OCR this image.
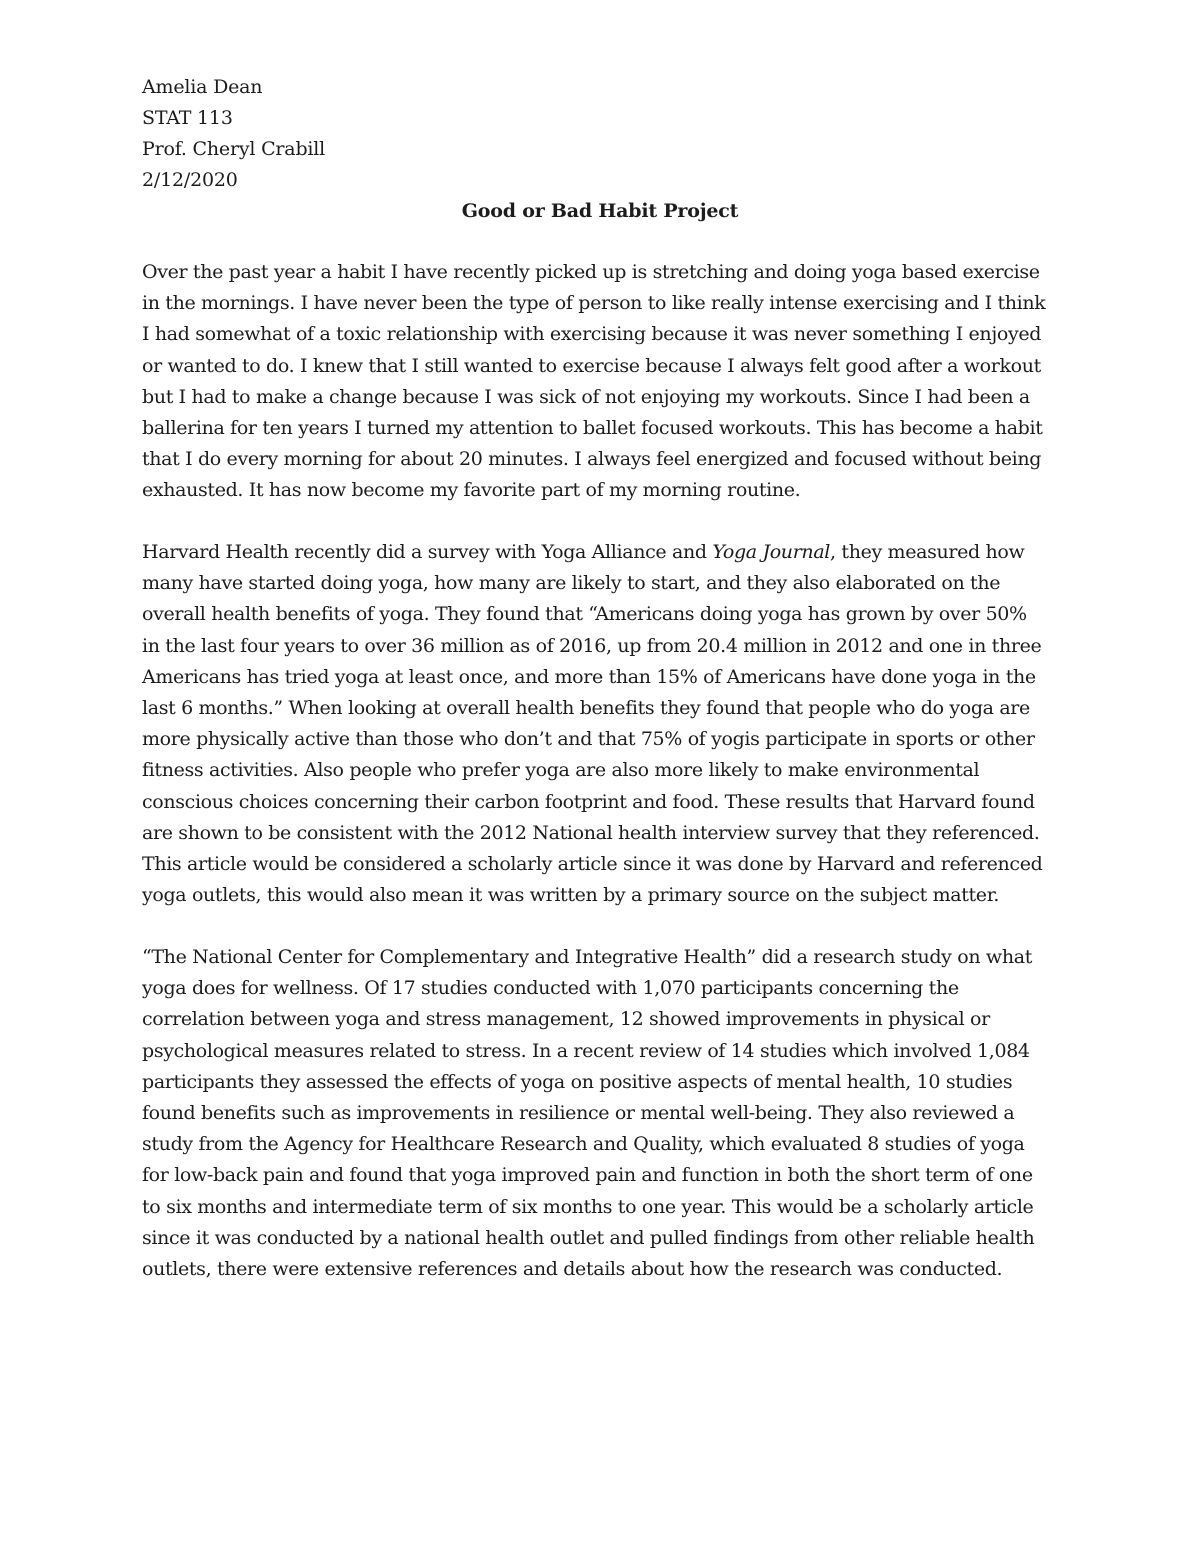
Amelia Dean
STAT 113
Prof. Cheryl Crabill
2/12/2020
Good or Bad Habit Project
Over the past year a habit I have recently picked up is stretching and doing yoga based exercise
in the mornings. I have never been the type of person to like really intense exercising and I think
I had somewhat of a toxic relationship with exercising because it was never something I enjoyed
or wanted to do. I knew that I still wanted to exercise because I always felt good after a workout
but I had to make a change because I was sick of not enjoying my workouts. Since I had been a
ballerina for ten years I turned my attention to ballet focused workouts. This has become a habit
that I do every morning for about 20 minutes. I always feel energized and focused without being
exhausted. It has now become my favorite part of my morning routine.
Harvard Health recently did a survey with Yoga Alliance and Yoga Journal, they measured how
many have started doing yoga, how many are likely to start, and they also elaborated on the
overall health benefits of yoga. They found that “Americans doing yoga has grown by over 50%
in the last four years to over 36 million as of 2016, up from 20.4 million in 2012 and one in three
Americans has tried yoga at least once, and more than 15% of Americans have done yoga in the
last 6 months.” When looking at overall health benefits they found that people who do yoga are
more physically active than those who don’t and that 75% of yogis participate in sports or other
fitness activities. Also people who prefer yoga are also more likely to make environmental
conscious choices concerning their carbon footprint and food. These results that Harvard found
are shown to be consistent with the 2012 National health interview survey that they referenced.
This article would be considered a scholarly article since it was done by Harvard and referenced
yoga outlets, this would also mean it was written by a primary source on the subject matter.
“The National Center for Complementary and Integrative Health” did a research study on what
yoga does for wellness. Of 17 studies conducted with 1,070 participants concerning the
correlation between yoga and stress management, 12 showed improvements in physical or
psychological measures related to stress. In a recent review of 14 studies which involved 1,084
participants they assessed the effects of yoga on positive aspects of mental health, 10 studies
found benefits such as improvements in resilience or mental well-being. They also reviewed a
study from the Agency for Healthcare Research and Quality, which evaluated 8 studies of yoga
for low-back pain and found that yoga improved pain and function in both the short term of one
to six months and intermediate term of six months to one year. This would be a scholarly article
since it was conducted by a national health outlet and pulled findings from other reliable health
outlets, there were extensive references and details about how the research was conducted.
